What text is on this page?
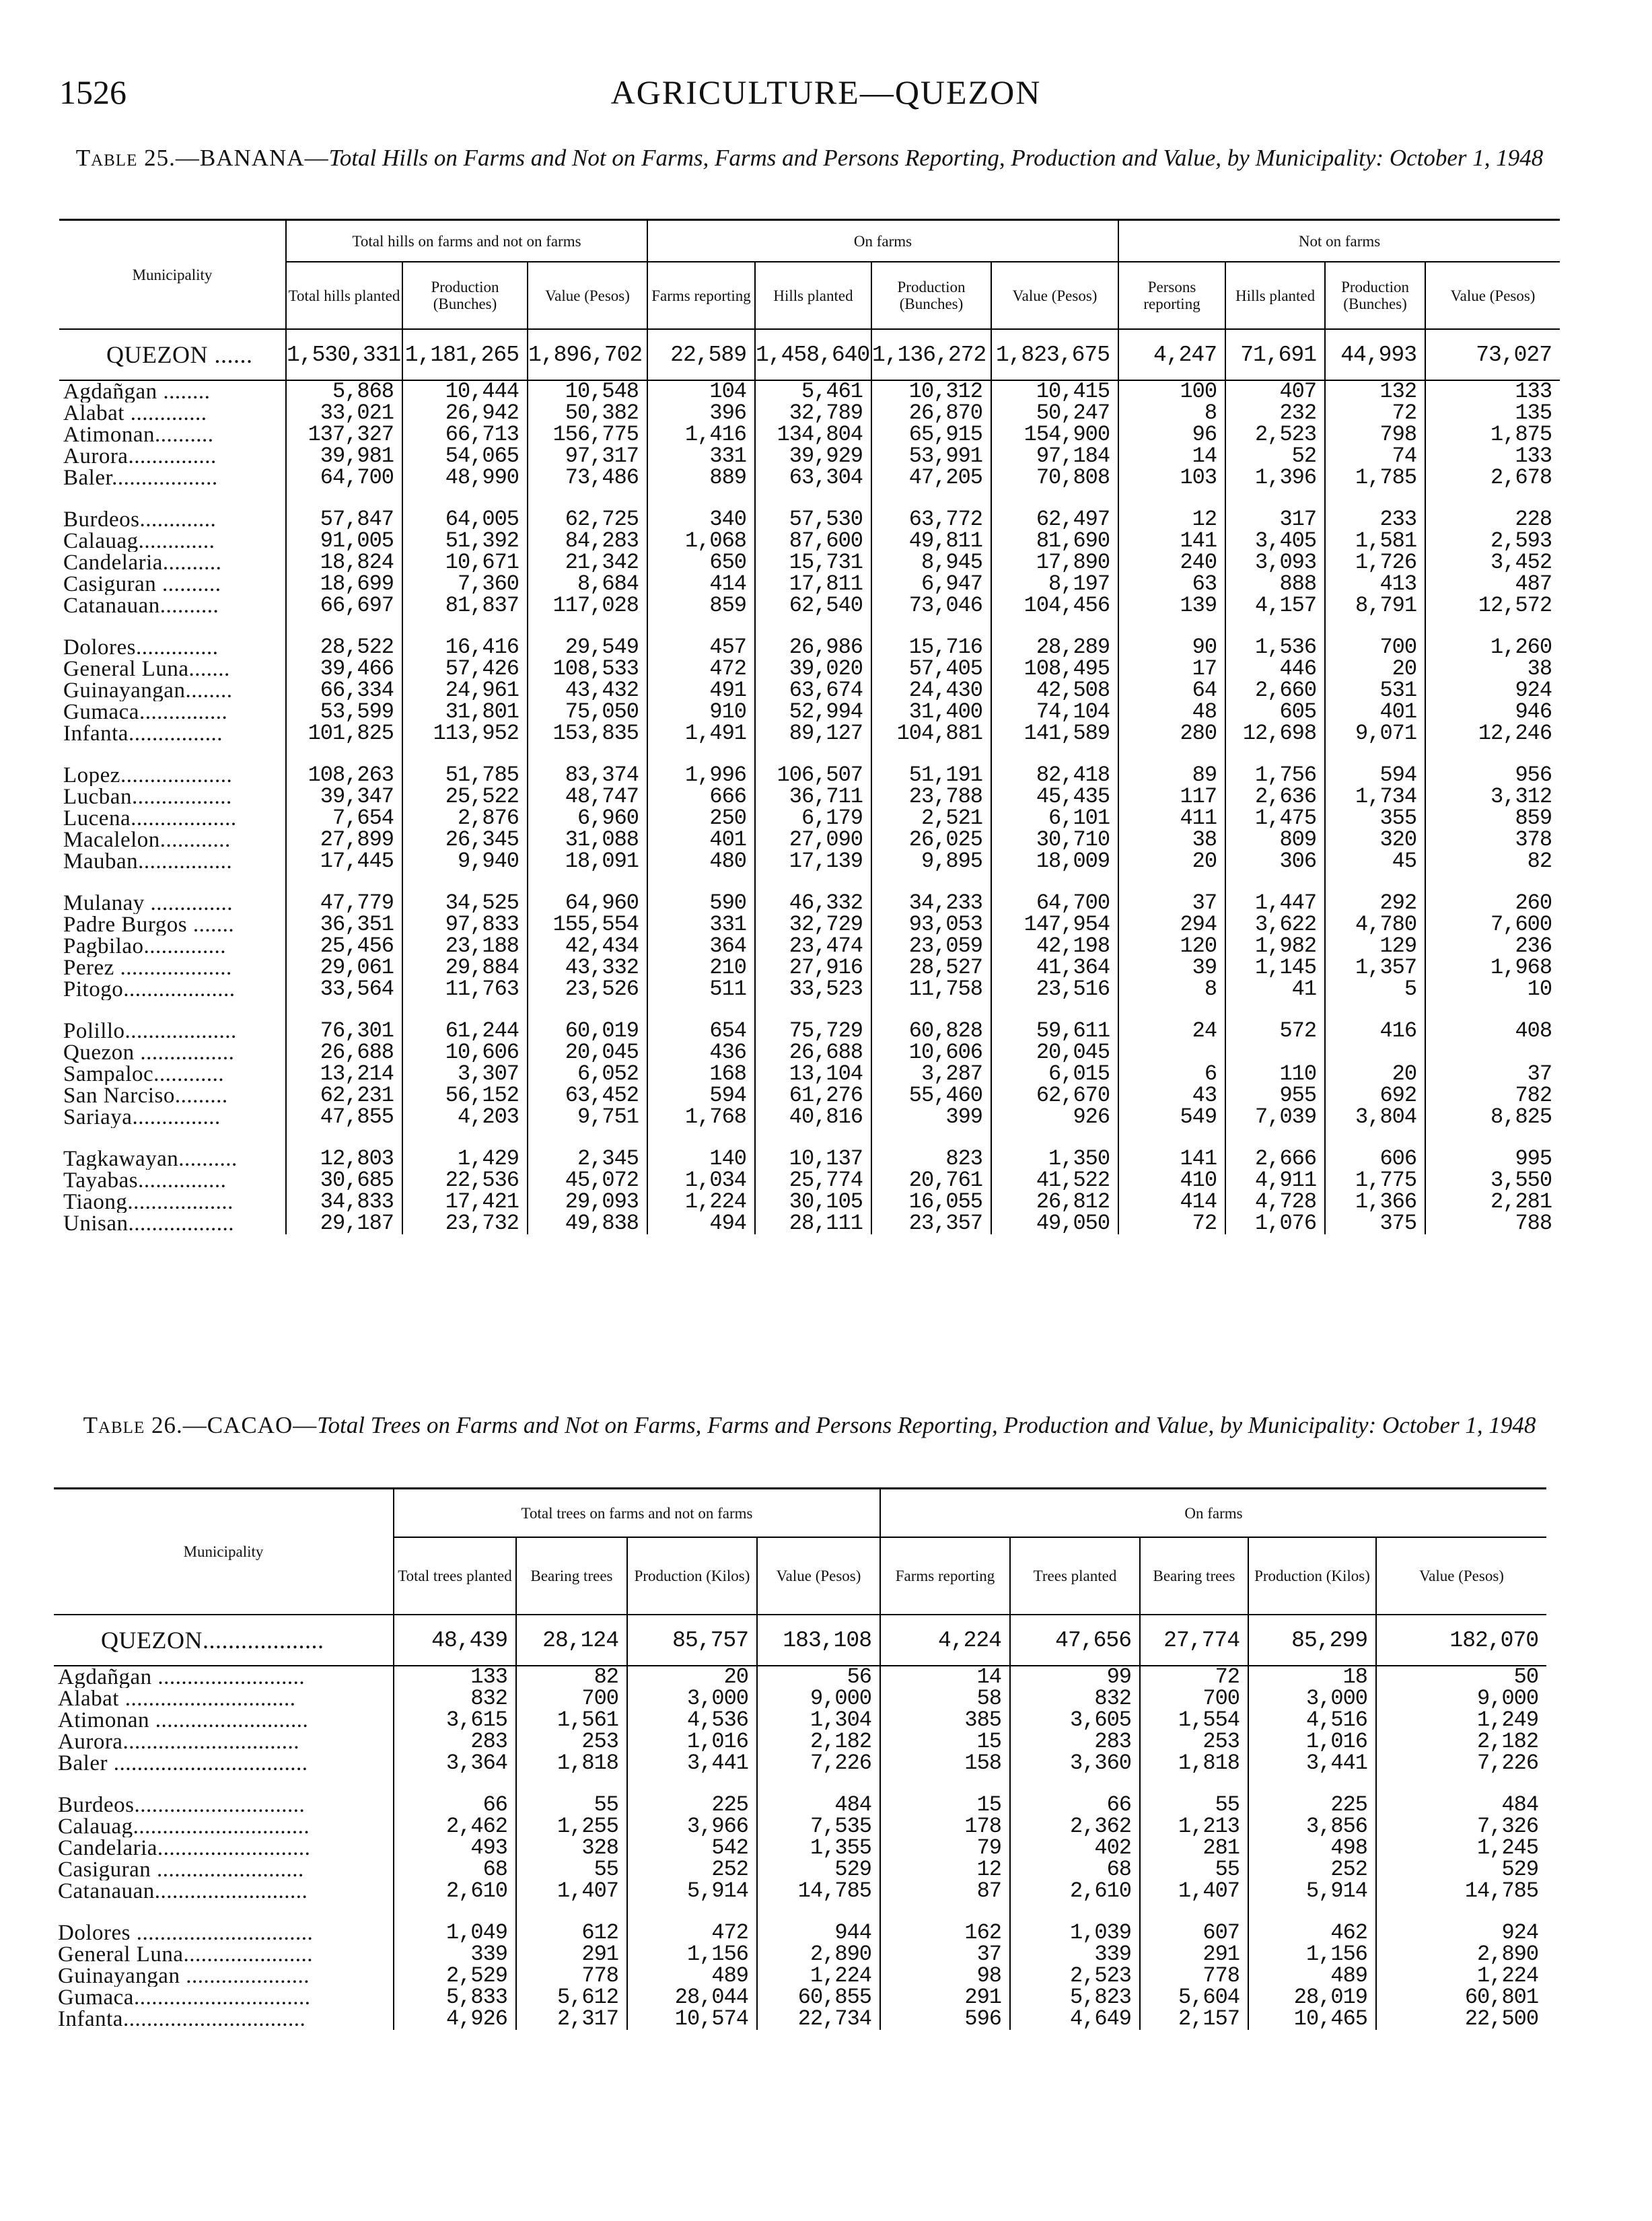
1526	AGRICULTURE—QUEZON
Table 25.—BANANA—Total Hills on Farms and Not on Farms, Farms and Persons Reporting, Production and Value, by Municipality: October 1, 1948
Municipality	Total hills on farms and not on farms			On farms				Not on farms			
	Total hills planted	Production (Bunches)	Value (Pesos)	Farms reporting	Hills planted	Production (Bunches)	Value (Pesos)	Persons reporting	Hills planted	Production (Bunches)	Value (Pesos)
QUEZON ......	1,530,331	1,181,265	1,896,702	22,589	1,458,640	1,136,272	1,823,675	4,247	71,691	44,993	73,027
Agdañgan ........	5,868	10,444	10,548	104	5,461	10,312	10,415	100	407	132	133
Alabat .............	33,021	26,942	50,382	396	32,789	26,870	50,247	8	232	72	135
Atimonan..........	137,327	66,713	156,775	1,416	134,804	65,915	154,900	96	2,523	798	1,875
Aurora...............	39,981	54,065	97,317	331	39,929	53,991	97,184	14	52	74	133
Baler..................	64,700	48,990	73,486	889	63,304	47,205	70,808	103	1,396	1,785	2,678

Burdeos.............	57,847	64,005	62,725	340	57,530	63,772	62,497	12	317	233	228
Calauag.............	91,005	51,392	84,283	1,068	87,600	49,811	81,690	141	3,405	1,581	2,593
Candelaria..........	18,824	10,671	21,342	650	15,731	8,945	17,890	240	3,093	1,726	3,452
Casiguran ..........	18,699	7,360	8,684	414	17,811	6,947	8,197	63	888	413	487
Catanauan..........	66,697	81,837	117,028	859	62,540	73,046	104,456	139	4,157	8,791	12,572

Dolores..............	28,522	16,416	29,549	457	26,986	15,716	28,289	90	1,536	700	1,260
General Luna.......	39,466	57,426	108,533	472	39,020	57,405	108,495	17	446	20	38
Guinayangan........	66,334	24,961	43,432	491	63,674	24,430	42,508	64	2,660	531	924
Gumaca...............	53,599	31,801	75,050	910	52,994	31,400	74,104	48	605	401	946
Infanta................	101,825	113,952	153,835	1,491	89,127	104,881	141,589	280	12,698	9,071	12,246

Lopez...................	108,263	51,785	83,374	1,996	106,507	51,191	82,418	89	1,756	594	956
Lucban.................	39,347	25,522	48,747	666	36,711	23,788	45,435	117	2,636	1,734	3,312
Lucena..................	7,654	2,876	6,960	250	6,179	2,521	6,101	411	1,475	355	859
Macalelon............	27,899	26,345	31,088	401	27,090	26,025	30,710	38	809	320	378
Mauban................	17,445	9,940	18,091	480	17,139	9,895	18,009	20	306	45	82

Mulanay ..............	47,779	34,525	64,960	590	46,332	34,233	64,700	37	1,447	292	260
Padre Burgos .......	36,351	97,833	155,554	331	32,729	93,053	147,954	294	3,622	4,780	7,600
Pagbilao..............	25,456	23,188	42,434	364	23,474	23,059	42,198	120	1,982	129	236
Perez ...................	29,061	29,884	43,332	210	27,916	28,527	41,364	39	1,145	1,357	1,968
Pitogo...................	33,564	11,763	23,526	511	33,523	11,758	23,516	8	41	5	10

Polillo...................	76,301	61,244	60,019	654	75,729	60,828	59,611	24	572	416	408
Quezon ................	26,688	10,606	20,045	436	26,688	10,606	20,045				
Sampaloc............	13,214	3,307	6,052	168	13,104	3,287	6,015	6	110	20	37
San Narciso.........	62,231	56,152	63,452	594	61,276	55,460	62,670	43	955	692	782
Sariaya...............	47,855	4,203	9,751	1,768	40,816	399	926	549	7,039	3,804	8,825

Tagkawayan..........	12,803	1,429	2,345	140	10,137	823	1,350	141	2,666	606	995
Tayabas...............	30,685	22,536	45,072	1,034	25,774	20,761	41,522	410	4,911	1,775	3,550
Tiaong..................	34,833	17,421	29,093	1,224	30,105	16,055	26,812	414	4,728	1,366	2,281
Unisan..................	29,187	23,732	49,838	494	28,111	23,357	49,050	72	1,076	375	788
Table 26.—CACAO—Total Trees on Farms and Not on Farms, Farms and Persons Reporting, Production and Value, by Municipality: October 1, 1948
Municipality	Total trees on farms and not on farms				On farms				
	Total trees planted	Bearing trees	Production (Kilos)	Value (Pesos)	Farms reporting	Trees planted	Bearing trees	Production (Kilos)	Value (Pesos)
QUEZON...................	48,439	28,124	85,757	183,108	4,224	47,656	27,774	85,299	182,070
Agdañgan .........................	133	82	20	56	14	99	72	18	50
Alabat .............................	832	700	3,000	9,000	58	832	700	3,000	9,000
Atimonan ..........................	3,615	1,561	4,536	1,304	385	3,605	1,554	4,516	1,249
Aurora..............................	283	253	1,016	2,182	15	283	253	1,016	2,182
Baler .................................	3,364	1,818	3,441	7,226	158	3,360	1,818	3,441	7,226

Burdeos.............................	66	55	225	484	15	66	55	225	484
Calauag..............................	2,462	1,255	3,966	7,535	178	2,362	1,213	3,856	7,326
Candelaria..........................	493	328	542	1,355	79	402	281	498	1,245
Casiguran .........................	68	55	252	529	12	68	55	252	529
Catanauan..........................	2,610	1,407	5,914	14,785	87	2,610	1,407	5,914	14,785

Dolores ..............................	1,049	612	472	944	162	1,039	607	462	924
General Luna......................	339	291	1,156	2,890	37	339	291	1,156	2,890
Guinayangan .....................	2,529	778	489	1,224	98	2,523	778	489	1,224
Gumaca..............................	5,833	5,612	28,044	60,855	291	5,823	5,604	28,019	60,801
Infanta...............................	4,926	2,317	10,574	22,734	596	4,649	2,157	10,465	22,500
